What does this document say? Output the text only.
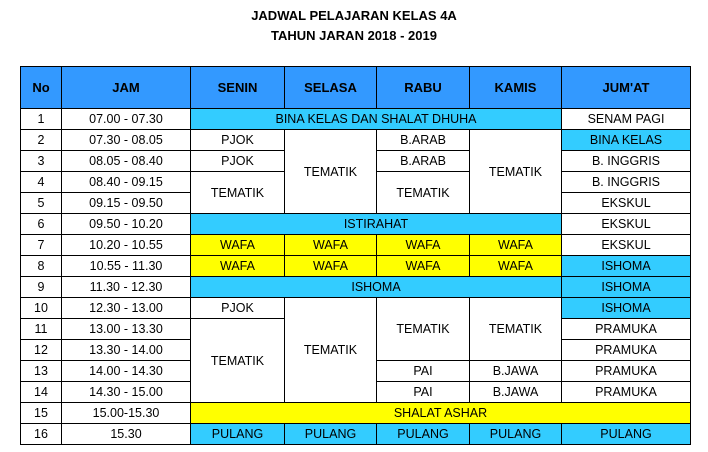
JADWAL PELAJARAN KELAS 4A
TAHUN JARAN 2018 - 2019
No	JAM	SENIN	SELASA	RABU	KAMIS	JUM'AT
1	07.00 - 07.30	BINA KELAS DAN SHALAT DHUHA				SENAM PAGI
2	07.30 - 08.05	PJOK	TEMATIK	B.ARAB	TEMATIK	BINA KELAS
3	08.05 - 08.40	PJOK		B.ARAB		B. INGGRIS
4	08.40 - 09.15	TEMATIK		TEMATIK		B. INGGRIS
5	09.15 - 09.50					EKSKUL
6	09.50 - 10.20	ISTIRAHAT				EKSKUL
7	10.20 - 10.55	WAFA	WAFA	WAFA	WAFA	EKSKUL
8	10.55 - 11.30	WAFA	WAFA	WAFA	WAFA	ISHOMA
9	11.30 - 12.30	ISHOMA				ISHOMA
10	12.30 - 13.00	PJOK	TEMATIK	TEMATIK	TEMATIK	ISHOMA
11	13.00 - 13.30	TEMATIK				PRAMUKA
12	13.30 - 14.00					PRAMUKA
13	14.00 - 14.30			PAI	B.JAWA	PRAMUKA
14	14.30 - 15.00			PAI	B.JAWA	PRAMUKA
15	15.00-15.30	SHALAT ASHAR				
16	15.30	PULANG	PULANG	PULANG	PULANG	PULANG
